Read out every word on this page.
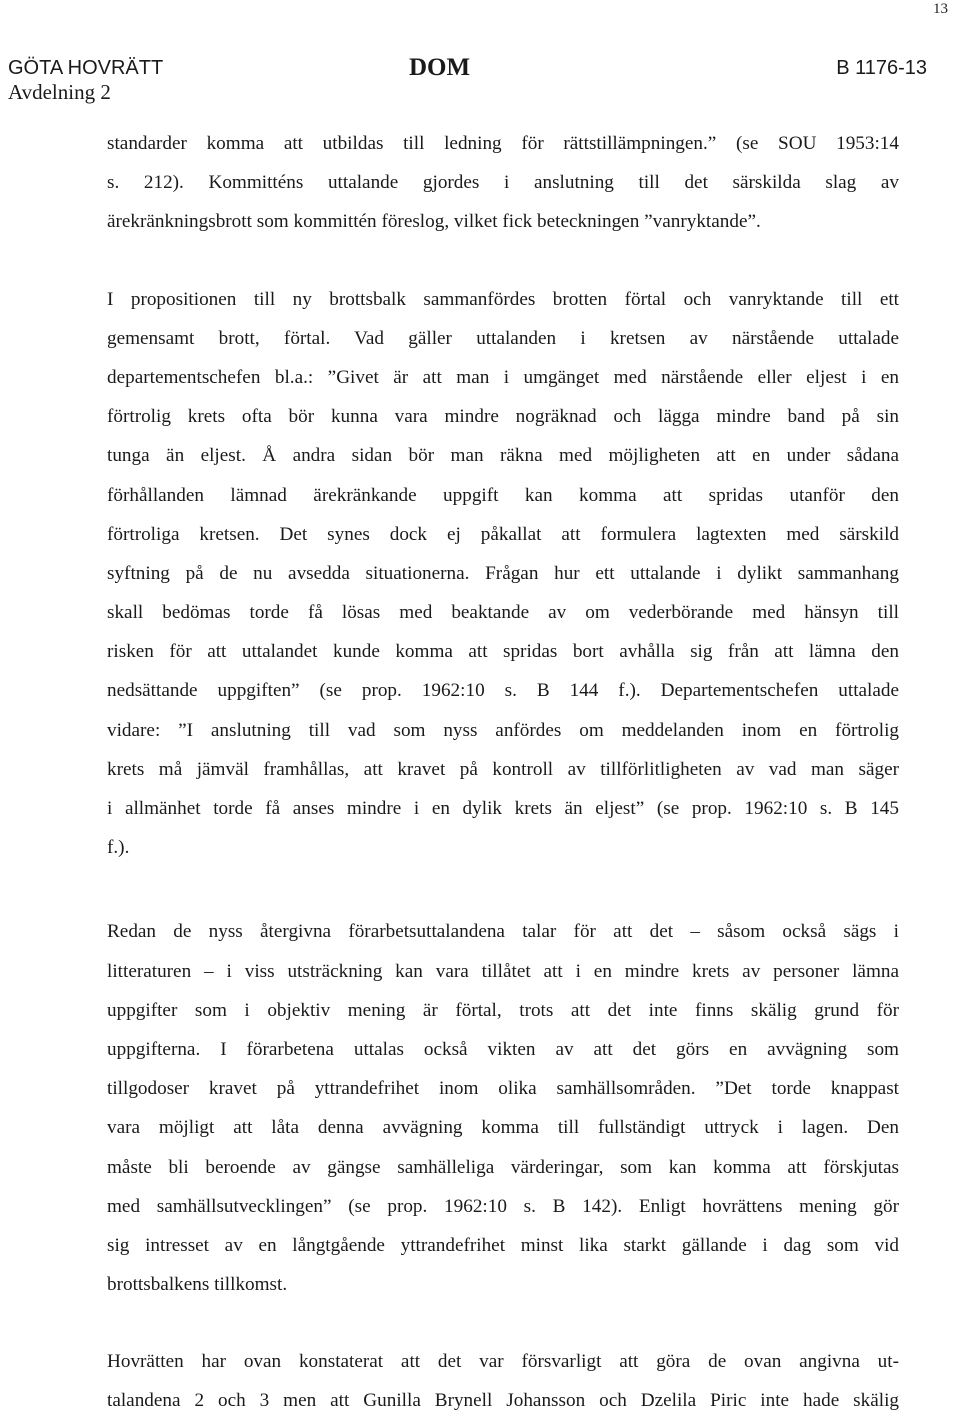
13
GÖTA HOVRÄTT
Avdelning 2
DOM	B 1176-13
standarder komma att utbildas till ledning för rättstillämpningen.” (se SOU 1953:14
s. 212). Kommitténs uttalande gjordes i anslutning till det särskilda slag av
ärekränkningsbrott som kommittén föreslog, vilket fick beteckningen ”vanryktande”.
I propositionen till ny brottsbalk sammanfördes brotten förtal och vanryktande till ett
gemensamt brott, förtal. Vad gäller uttalanden i kretsen av närstående uttalade
departementschefen bl.a.: ”Givet är att man i umgänget med närstående eller eljest i en
förtrolig krets ofta bör kunna vara mindre nogräknad och lägga mindre band på sin
tunga än eljest. Å andra sidan bör man räkna med möjligheten att en under sådana
förhållanden lämnad ärekränkande uppgift kan komma att spridas utanför den
förtroliga kretsen. Det synes dock ej påkallat att formulera lagtexten med särskild
syftning på de nu avsedda situationerna. Frågan hur ett uttalande i dylikt sammanhang
skall bedömas torde få lösas med beaktande av om vederbörande med hänsyn till
risken för att uttalandet kunde komma att spridas bort avhålla sig från att lämna den
nedsättande uppgiften” (se prop. 1962:10 s. B 144 f.). Departementschefen uttalade
vidare: ”I anslutning till vad som nyss anfördes om meddelanden inom en förtrolig
krets må jämväl framhållas, att kravet på kontroll av tillförlitligheten av vad man säger
i allmänhet torde få anses mindre i en dylik krets än eljest” (se prop. 1962:10 s. B 145
f.).
Redan de nyss återgivna förarbetsuttalandena talar för att det – såsom också sägs i
litteraturen – i viss utsträckning kan vara tillåtet att i en mindre krets av personer lämna
uppgifter som i objektiv mening är förtal, trots att det inte finns skälig grund för
uppgifterna. I förarbetena uttalas också vikten av att det görs en avvägning som
tillgodoser kravet på yttrandefrihet inom olika samhällsområden. ”Det torde knappast
vara möjligt att låta denna avvägning komma till fullständigt uttryck i lagen. Den
måste bli beroende av gängse samhälleliga värderingar, som kan komma att förskjutas
med samhällsutvecklingen” (se prop. 1962:10 s. B 142). Enligt hovrättens mening gör
sig intresset av en långtgående yttrandefrihet minst lika starkt gällande i dag som vid
brottsbalkens tillkomst.
Hovrätten har ovan konstaterat att det var försvarligt att göra de ovan angivna ut-
talandena 2 och 3 men att Gunilla Brynell Johansson och Dzelila Piric inte hade skälig
